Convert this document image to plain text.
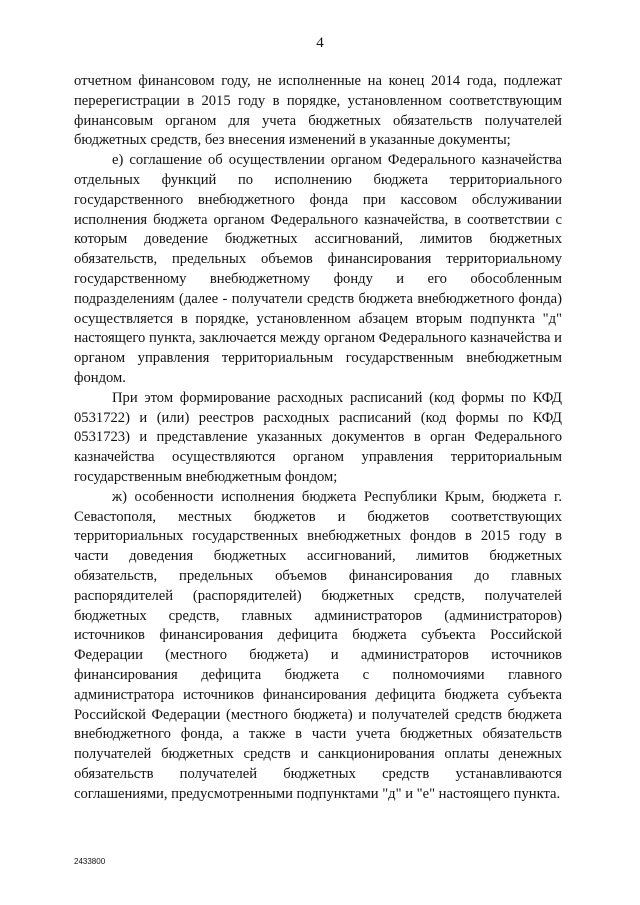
4

отчетном финансовом году, не исполненные на конец 2014 года, подлежат перерегистрации в 2015 году в порядке, установленном соответствующим финансовым органом для учета бюджетных обязательств получателей бюджетных средств, без внесения изменений в указанные документы;

е) соглашение об осуществлении органом Федерального казначейства отдельных функций по исполнению бюджета территориального государственного внебюджетного фонда при кассовом обслуживании исполнения бюджета органом Федерального казначейства, в соответствии с которым доведение бюджетных ассигнований, лимитов бюджетных обязательств, предельных объемов финансирования территориальному государственному внебюджетному фонду и его обособленным подразделениям (далее - получатели средств бюджета внебюджетного фонда) осуществляется в порядке, установленном абзацем вторым подпункта "д" настоящего пункта, заключается между органом Федерального казначейства и органом управления территориальным государственным внебюджетным фондом.

При этом формирование расходных расписаний (код формы по КФД 0531722) и (или) реестров расходных расписаний (код формы по КФД 0531723) и представление указанных документов в орган Федерального казначейства осуществляются органом управления территориальным государственным внебюджетным фондом;

ж) особенности исполнения бюджета Республики Крым, бюджета г. Севастополя, местных бюджетов и бюджетов соответствующих территориальных государственных внебюджетных фондов в 2015 году в части доведения бюджетных ассигнований, лимитов бюджетных обязательств, предельных объемов финансирования до главных распорядителей (распорядителей) бюджетных средств, получателей бюджетных средств, главных администраторов (администраторов) источников финансирования дефицита бюджета субъекта Российской Федерации (местного бюджета) и администраторов источников финансирования дефицита бюджета с полномочиями главного администратора источников финансирования дефицита бюджета субъекта Российской Федерации (местного бюджета) и получателей средств бюджета внебюджетного фонда, а также в части учета бюджетных обязательств получателей бюджетных средств и санкционирования оплаты денежных обязательств получателей бюджетных средств устанавливаются соглашениями, предусмотренными подпунктами "д" и "е" настоящего пункта.

2433800
